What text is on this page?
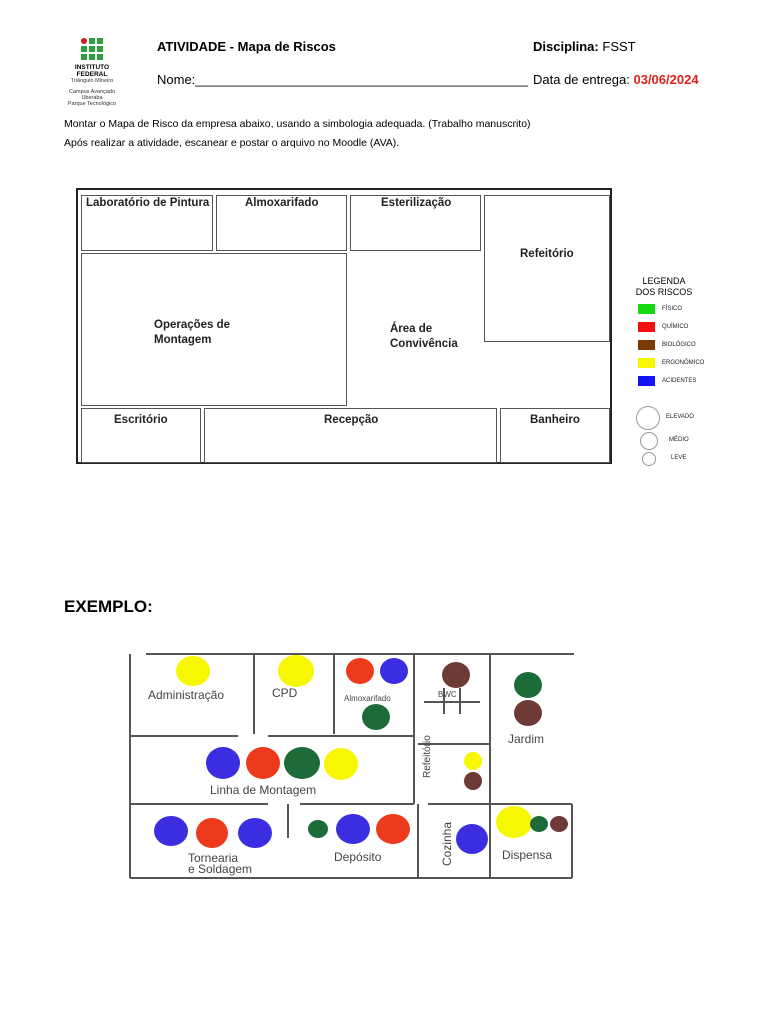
INSTITUTO
FEDERAL
Triângulo Mineiro
Campus Avançado
Uberaba
Parque Tecnológico
ATIVIDADE - Mapa de Riscos	Disciplina: FSST
Nome:______________________________________________ Data de entrega: 03/06/2024
Montar o Mapa de Risco da empresa abaixo, usando a simbologia adequada. (Trabalho manuscrito)
Após realizar a atividade, escanear e postar o arquivo no Moodle (AVA).
Laboratório de Pintura	Almoxarifado	Esterilização
Refeitório
Operações de
Montagem
Área de
Convivência
Escritório	Recepção	Banheiro
LEGENDA
DOS RISCOS
FÍSICO
QUÍMICO
BIOLÓGICO
ERGONÔMICO
ACIDENTES
ELEVADO
MÉDIO
LEVE
EXEMPLO:
Administração	CPD	Almoxarifado	BWC
Jardim
Linha de Montagem
Refeitório
Tornearia
e Soldagem
Depósito	Cozinha	Dispensa
